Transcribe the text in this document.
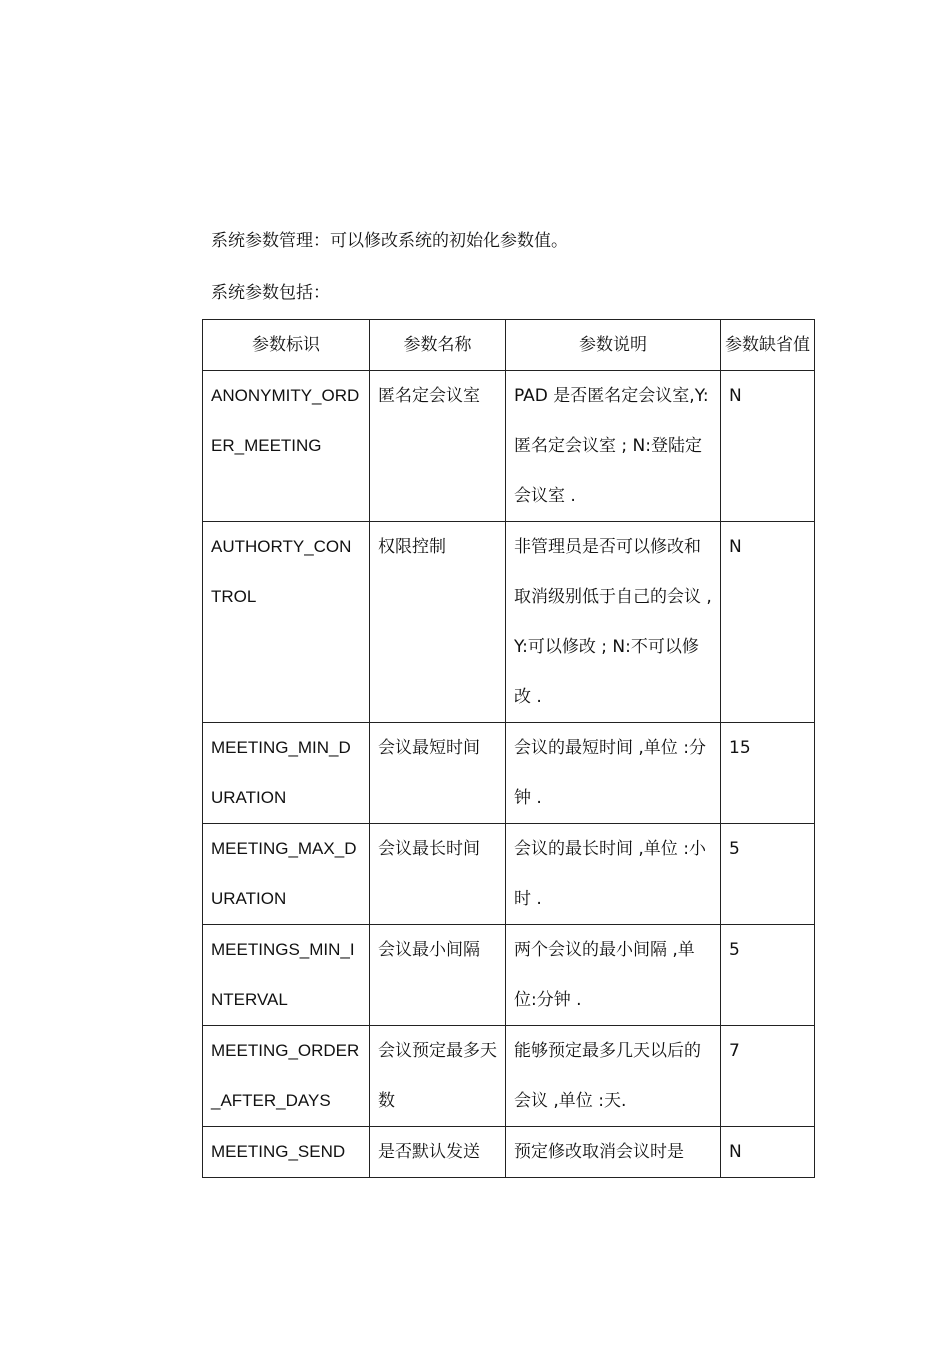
系统参数管理：可以修改系统的初始化参数值。
系统参数包括：
参数标识	参数名称	参数说明	参数缺省值
ANONYMITY_ORDER_MEETING	匿名定会议室	PAD 是否匿名定会议室,Y:匿名定会议室 ; N:登陆定会议室 .	N
AUTHORTY_CONTROL	权限控制	非管理员是否可以修改和取消级别低于自己的会议 ,Y:可以修改 ; N:不可以修改 .	N
MEETING_MIN_DURATION	会议最短时间	会议的最短时间 ,单位 :分钟 .	15
MEETING_MAX_DURATION	会议最长时间	会议的最长时间 ,单位 :小时 .	5
MEETINGS_MIN_INTERVAL	会议最小间隔	两个会议的最小间隔 ,单位:分钟 .	5
MEETING_ORDER_AFTER_DAYS	会议预定最多天数	能够预定最多几天以后的会议 ,单位 :天.	7
MEETING_SEND	是否默认发送	预定修改取消会议时是	N
